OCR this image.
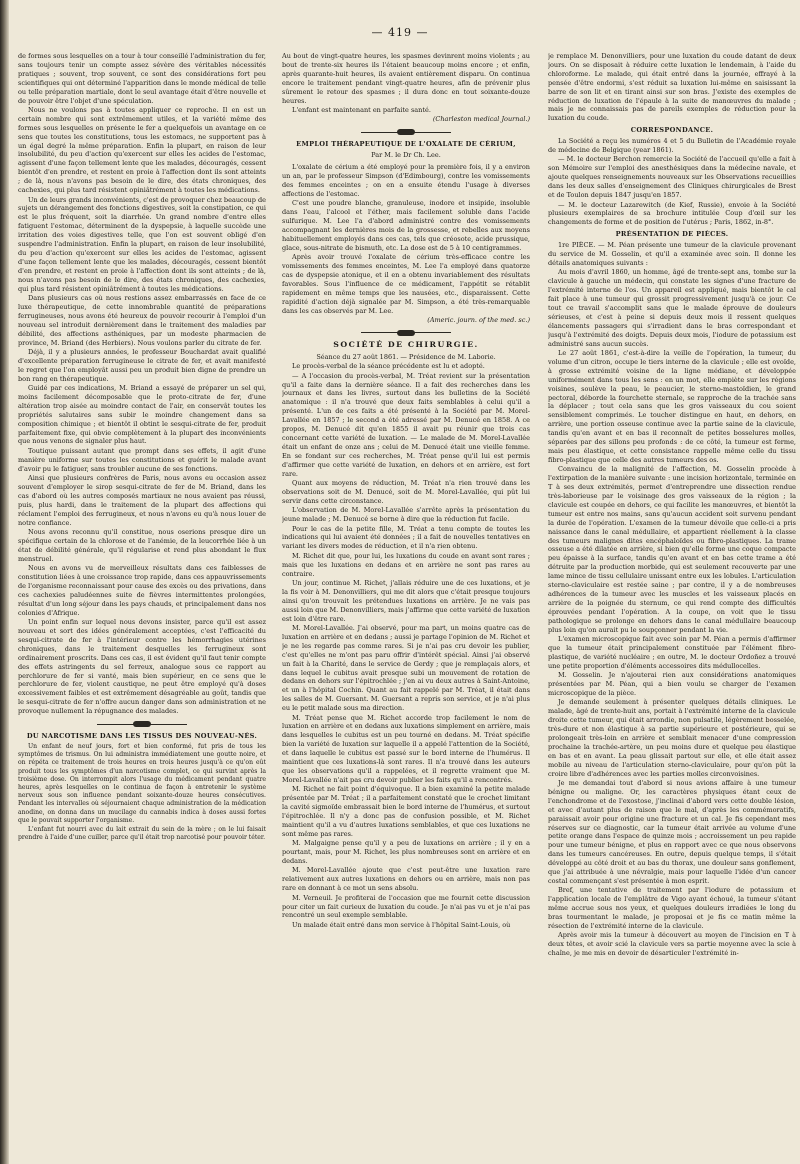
— 419 —

de formes sous lesquelles on a tour à tour conseillé l'administration du fer, sans toujours tenir un compte assez sévère des véritables nécessités pratiques ; souvent, trop souvent, ce sont des considérations fort peu scientifiques qui ont déterminé l'apparition dans le monde médical de telle ou telle préparation martiale, dont le seul avantage était d'être nouvelle et de pouvoir être l'objet d'une spéculation.

Nous ne voulons pas à toutes appliquer ce reproche. Il en est un certain nombre qui sont extrêmement utiles, et la variété même des formes sous lesquelles on présente le fer a quelquefois un avantage en ce sens que toutes les constitutions, tous les estomacs, ne supportent pas à un égal degré la même préparation. Enfin la plupart, en raison de leur insolubilité, du peu d'action qu'exercent sur elles les acides de l'estomac, agissent d'une façon tellement lente que les malades, découragés, cessent bientôt d'en prendre, et restent en proie à l'affection dont ils sont atteints ; de là, nous n'avons pas besoin de le dire, des états chroniques, des cachexies, qui plus tard résistent opiniâtrément à toutes les médications.

Un de leurs grands inconvénients, c'est de provoquer chez beaucoup de sujets un dérangement des fonctions digestives, soit la constipation, ce qui est le plus fréquent, soit la diarrhée. Un grand nombre d'entre elles fatiguent l'estomac, déterminent de la dyspepsie, à laquelle succède une irritation des voies digestives telle, que l'on est souvent obligé d'en suspendre l'administration. Enfin la plupart, en raison de leur insolubilité, du peu d'action qu'exercent sur elles les acides de l'estomac, agissent d'une façon tellement lente que les malades, découragés, cessent bientôt d'en prendre, et restent en proie à l'affection dont ils sont atteints ; de là, nous n'avons pas besoin de le dire, des états chroniques, des cachexies, qui plus tard résistent opiniâtrément à toutes les médications.

Dans plusieurs cas où nous restions assez embarrassés en face de ce luxe thérapeutique, de cette innombrable quantité de préparations ferrugineuses, nous avons été heureux de pouvoir recourir à l'emploi d'un nouveau sel introduit dernièrement dans le traitement des maladies par débilité, des affections asthéniques, par un modeste pharmacien de province, M. Briand (des Herbiers). Nous voulons parler du citrate de fer.

Déjà, il y a plusieurs années, le professeur Bouchardat avait qualifié d'excellente préparation ferrugineuse le citrate de fer, et avait manifesté le regret que l'on employât aussi peu un produit bien digne de prendre un bon rang en thérapeutique.

Guidé par ces indications, M. Briand a essayé de préparer un sel qui, moins facilement décomposable que le proto-citrate de fer, d'une altération trop aisée au moindre contact de l'air, en conservât toutes les propriétés salutaires sans subir le moindre changement dans sa composition chimique ; et bientôt il obtint le sesqui-citrate de fer, produit parfaitement fixe, qui obvie complètement à la plupart des inconvénients que nous venons de signaler plus haut.

Toutique puissant autant que prompt dans ses effets, il agit d'une manière uniforme sur toutes les constitutions et guérit le malade avant d'avoir pu le fatiguer, sans troubler aucune de ses fonctions.

Ainsi que plusieurs confrères de Paris, nous avons eu occasion assez souvent d'employer le sirop sesqui-citrate de fer de M. Briand, dans les cas d'abord où les autres composés martiaux ne nous avaient pas réussi, puis, plus hardi, dans le traitement de la plupart des affections qui réclament l'emploi des ferrugineux, et nous n'avons eu qu'à nous louer de notre confiance.

Nous avons reconnu qu'il constitue, nous oserions presque dire un spécifique certain de la chlorose et de l'anémie, de la leucorrhée liée à un état de débilité générale, qu'il régularise et rend plus abondant le flux menstruel.

Nous en avons vu de merveilleux résultats dans ces faiblesses de constitution liées à une croissance trop rapide, dans ces appauvrissements de l'organisme reconnaissant pour cause des excès ou des privations, dans ces cachexies paludéennes suite de fièvres intermittentes prolongées, résultat d'un long séjour dans les pays chauds, et principalement dans nos colonies d'Afrique.

Un point enfin sur lequel nous devons insister, parce qu'il est assez nouveau et sort des idées généralement acceptées, c'est l'efficacité du sesqui-citrate de fer à l'intérieur contre les hémorrhagies utérines chroniques, dans le traitement desquelles les ferrugineux sont ordinairement proscrits. Dans ces cas, il est évident qu'il faut tenir compte des effets astringents du sel ferreux, analogue sous ce rapport au perchlorure de fer si vanté, mais bien supérieur, en ce sens que le perchlorure de fer, violent caustique, ne peut être employé qu'à doses excessivement faibles et est extrêmement désagréable au goût, tandis que le sesqui-citrate de fer n'offre aucun danger dans son administration et ne provoque nullement la répugnance des malades.

DU NARCOTISME DANS LES TISSUS DES NOUVEAU-NÉS.

Un enfant de neuf jours, fort et bien conformé, fut pris de tous les symptômes de trismus. On lui administra immédiatement une goutte noire, et on répéta ce traitement de trois heures en trois heures jusqu'à ce qu'on eût produit tous les symptômes d'un narcotisme complet, ce qui survint après la troisième dose. On interrompit alors l'usage du médicament pendant quatre heures, après lesquelles on le continua de façon à entretenir le système nerveux sous son influence pendant soixante-douze heures consécutives. Pendant les intervalles où séjournaient chaque administration de la médication anodine, on donna dans un mucilage du cannabis indica à doses aussi fortes que le pouvait supporter l'organisme.

L'enfant fut nourri avec du lait extrait du sein de la mère ; on le lui faisait prendre à l'aide d'une cuiller, parce qu'il était trop narcotisé pour pouvoir téter.

Au bout de vingt-quatre heures, les spasmes devinrent moins violents ; au bout de trente-six heures ils l'étaient beaucoup moins encore ; et enfin, après quarante-huit heures, ils avaient entièrement disparu. On continua encore le traitement pendant vingt-quatre heures, afin de prévenir plus sûrement le retour des spasmes ; il dura donc en tout soixante-douze heures.

L'enfant est maintenant en parfaite santé.

(Charleston medical Journal.)

EMPLOI THÉRAPEUTIQUE DE L'OXALATE DE CÉRIUM,
Par M. le Dr Ch. Lee.

L'oxalate de cérium a été employé pour la première fois, il y a environ un an, par le professeur Simpson (d'Edimbourg), contre les vomissements des femmes enceintes ; on en a ensuite étendu l'usage à diverses affections de l'estomac.

C'est une poudre blanche, granuleuse, inodore et insipide, insoluble dans l'eau, l'alcool et l'éther, mais facilement soluble dans l'acide sulfurique. M. Lee l'a d'abord administré contre des vomissements accompagnant les dernières mois de la grossesse, et rebelles aux moyens habituellement employés dans ces cas, tels que créosote, acide prussique, glace, sous-nitrate de bismuth, etc. La dose est de 5 à 10 centigrammes.

Après avoir trouvé l'oxalate de cérium très-efficace contre les vomissements des femmes enceintes, M. Lee l'a employé dans quatorze cas de dyspepsie atonique, et il en a obtenu invariablement des résultats favorables. Sous l'influence de ce médicament, l'appétit se rétablit rapidement en même temps que les nausées, etc., disparaissent. Cette rapidité d'action déjà signalée par M. Simpson, a été très-remarquable dans les cas observés par M. Lee.

(Americ. journ. of the med. sc.)

SOCIÉTÉ DE CHIRURGIE.

Séance du 27 août 1861. — Présidence de M. Laborie.

Le procès-verbal de la séance précédente est lu et adopté.

— A l'occasion du procès-verbal, M. Tréat revient sur la présentation qu'il a faite dans la dernière séance. Il a fait des recherches dans les journaux et dans les livres, surtout dans les bulletins de la Société anatomique : il n'a trouvé que deux faits semblables à celui qu'il a présenté. L'un de ces faits a été présenté à la Société par M. Morel-Lavallée en 1857 ; le second a été adressé par M. Denucé en 1858. A ce propos, M. Denucé dit qu'en 1855 il avait pu réunir que trois cas concernant cette variété de luxation. — Le malade de M. Morel-Lavallée était un enfant de onze ans ; celui de M. Denucé était une vieille femme. En se fondant sur ces recherches, M. Tréat pense qu'il lui est permis d'affirmer que cette variété de luxation, en dehors et en arrière, est fort rare.

Quant aux moyens de réduction, M. Tréat n'a rien trouvé dans les observations soit de M. Denucé, soit de M. Morel-Lavallée, qui pût lui servir dans cette circonstance.

L'observation de M. Morel-Lavallée s'arrête après la présentation du jeune malade ; M. Denucé se borne à dire que la réduction fut facile.

Pour le cas de la petite fille, M. Tréat a tenu compte de toutes les indications qui lui avaient été données ; il a fait de nouvelles tentatives en variant les divers modes de réduction, et il n'a rien obtenu.

M. Richet dit que, pour lui, les luxations du coude en avant sont rares ; mais que les luxations en dedans et en arrière ne sont pas rares au contraire.

Un jour, continue M. Richet, j'allais réduire une de ces luxations, et je la fis voir à M. Denonvilliers, qui me dit alors que c'était presque toujours ainsi qu'on trouvait les prétendues luxations en arrière. Je ne vais pas aussi loin que M. Denonvilliers, mais j'affirme que cette variété de luxation est loin d'être rare.

M. Morel-Lavallée. J'ai observé, pour ma part, un moins quatre cas de luxation en arrière et en dedans ; aussi je partage l'opinion de M. Richet et je ne les regarde pas comme rares. Si je n'ai pas cru devoir les publier, c'est qu'elles ne m'ont pas paru offrir d'intérêt spécial. Ainsi j'ai observé un fait à la Charité, dans le service de Gerdy ; que je remplaçais alors, et dans lequel le cubitus avait presque subi un mouvement de rotation de dedans en dehors sur l'épitrochlée ; j'en ai vu deux autres à Saint-Antoine, et un à l'hôpital Cochin. Quant au fait rappelé par M. Tréat, il était dans les salles de M. Guersant. M. Guersant a repris son service, et je n'ai plus eu le petit malade sous ma direction.

M. Tréat pense que M. Richet accorde trop facilement le nom de luxation en arrière et en dedans aux luxations simplement en arrière, mais dans lesquelles le cubitus est un peu tourné en dedans. M. Tréat spécifie bien la variété de luxation sur laquelle il a appelé l'attention de la Société, et dans laquelle le cubitus est passé sur le bord interne de l'humérus. Il maintient que ces luxations-là sont rares. Il n'a trouvé dans les auteurs que les observations qu'il a rappelées, et il regrette vraiment que M. Morel-Lavallée n'ait pas cru devoir publier les faits qu'il a rencontrés.

M. Richet ne fait point d'équivoque. Il a bien examiné la petite malade présentée par M. Tréat ; il a parfaitement constaté que le crochet limitant la cavité sigmoïde embrassait bien le bord interne de l'humérus, et surtout l'épitrochlée. Il n'y a donc pas de confusion possible, et M. Richet maintient qu'il a vu d'autres luxations semblables, et que ces luxations ne sont même pas rares.

M. Malgaigne pense qu'il y a peu de luxations en arrière ; il y en a pourtant, mais, pour M. Richet, les plus nombreuses sont en arrière et en dedans.

M. Morel-Lavallée ajoute que c'est peut-être une luxation rare relativement aux autres luxations en dehors ou en arrière, mais non pas rare en donnant à ce mot un sens absolu.

M. Verneuil. Je profiterai de l'occasion que me fournit cette discussion pour citer un fait curieux de luxation du coude. Je n'ai pas vu et je n'ai pas rencontré un seul exemple semblable.

Un malade était entré dans mon service à l'hôpital Saint-Louis, où

je remplace M. Denonvilliers, pour une luxation du coude datant de deux jours. On se disposait à réduire cette luxation le lendemain, à l'aide du chloroforme. Le malade, qui était entré dans la journée, effrayé à la pensée d'être endormi, s'est réduit sa luxation lui-même en saisissant la barre de son lit et en tirant ainsi sur son bras. J'existe des exemples de réduction de luxation de l'épaule à la suite de manœuvres du malade ; mais je ne connaissais pas de pareils exemples de réduction pour la luxation du coude.

CORRESPONDANCE.

La Société a reçu les numéros 4 et 5 du Bulletin de l'Académie royale de médecine de Belgique (year 1861).

— M. le docteur Berchon remercie la Société de l'accueil qu'elle a fait à son Mémoire sur l'emploi des anesthésiques dans la médecine navale, et ajoute quelques renseignements nouveaux sur les Observations recueillies dans les deux salles d'enseignement des Cliniques chirurgicales de Brest et de Toulon depuis 1847 jusqu'en 1857.

— M. le docteur Lazarewitch (de Kief, Russie), envoie à la Société plusieurs exemplaires de sa brochure intitulée Coup d'œil sur les changements de forme et de position de l'utérus ; Paris, 1862, in-8°.

PRÉSENTATION DE PIÈCES.

1re PIÈCE. — M. Péan présente une tumeur de la clavicule provenant du service de M. Gosselin, et qu'il a examinée avec soin. Il donne les détails anatomiques suivants :

Au mois d'avril 1860, un homme, âgé de trente-sept ans, tombe sur la clavicule à gauche un médecin, qui constate les signes d'une fracture de l'extrémité interne de l'os. Un appareil est appliqué, mais bientôt le cal fait place à une tumeur qui grossit progressivement jusqu'à ce jour. Ce tout ce travail s'accomplit sans que le malade éprouve de douleurs sérieuses, et c'est à peine si depuis deux mois il ressent quelques élancements passagers qui s'irradient dans le bras correspondant et jusqu'à l'extrémité des doigts. Depuis deux mois, l'iodure de potassium est administré sans aucun succès.

Le 27 août 1861, c'est-à-dire la veille de l'opération, la tumeur, du volume d'un citron, occupe le tiers interne de la clavicule ; elle est ovoïde, à grosse extrémité voisine de la ligne médiane, et développée uniformément dans tous les sens : en un mot, elle empiète sur les régions voisines, soulève la peau, le peaucier, le sterno-mastoïdien, le grand pectoral, déborde la fourchette sternale, se rapproche de la trachée sans la déplacer ; tout cela sans que les gros vaisseaux du cou soient sensiblement comprimés. Le toucher distingue en haut, en dehors, en arrière, une portion osseuse continue avec la partie saine de la clavicule, tandis qu'en avant et en bas il reconnaît de petites bosselures molles, séparées par des sillons peu profonds : de ce côté, la tumeur est ferme, mais peu élastique, et cette consistance rappelle même celle du tissu fibro-plastique que celle des autres tumeurs des os.

Convaincu de la malignité de l'affection, M. Gosselin procède à l'extirpation de la manière suivante : une incision horizontale, terminée en T à ses deux extrémités, permet d'entreprendre une dissection rendue très-laborieuse par le voisinage des gros vaisseaux de la région ; la clavicule est coupée en dehors, ce qui facilite les manœuvres, et bientôt la tumeur est entre nos mains, sans qu'aucun accident soit survenu pendant la durée de l'opération. L'examen de la tumeur dévoile que celle-ci a pris naissance dans le canal médullaire, et appartient réellement à la classe des tumeurs malignes dites encéphaloïdes ou fibro-plastiques. La trame osseuse a été dilatée en arrière, si bien qu'elle forme une coque compacte peu épaisse à la surface, tandis qu'en avant et en bas cette trame a été détruite par la production morbide, qui est seulement recouverte par une lame mince de tissu cellulaire unissant entre eux les lobules. L'articulation sterno-claviculaire est restée saine ; par contre, il y a de nombreuses adhérences de la tumeur avec les muscles et les vaisseaux placés en arrière de la poignée du sternum, ce qui rend compte des difficultés éprouvées pendant l'opération. A la coupe, on voit que le tissu pathologique se prolonge en dehors dans le canal médullaire beaucoup plus loin qu'on aurait pu le soupçonner pendant la vie.

L'examen microscopique fait avec soin par M. Péan a permis d'affirmer que la tumeur était principalement constituée par l'élément fibro-plastique, de variété nucléaire ; en outre, M. le docteur Ordoñez a trouvé une petite proportion d'éléments accessoires dits médullocelles.

M. Gosselin. Je n'ajouterai rien aux considérations anatomiques présentées par M. Péan, qui a bien voulu se charger de l'examen microscopique de la pièce.

Je demande seulement à présenter quelques détails cliniques. Le malade, âgé de trente-huit ans, portait à l'extrémité interne de la clavicule droite cette tumeur, qui était arrondie, non pulsatile, légèrement bosselée, très-dure et non élastique à sa partie supérieure et postérieure, qui se prolongeait très-loin en arrière et semblait menacer d'une compression prochaine la trachée-artère, un peu moins dure et quelque peu élastique en bas et en avant. La peau glissait partout sur elle, et elle était assez mobile au niveau de l'articulation sterno-claviculaire, pour qu'on pût la croire libre d'adhérences avec les parties molles circonvoisines.

Je me demandai tout d'abord si nous avions affaire à une tumeur bénigne ou maligne. Or, les caractères physiques étant ceux de l'enchondrome et de l'exostose, j'inclinai d'abord vers cette double lésion, et avec d'autant plus de raison que le mal, d'après les commémoratifs, paraissait avoir pour origine une fracture et un cal. Je fis cependant mes réserves sur ce diagnostic, car la tumeur était arrivée au volume d'une petite orange dans l'espace de quinze mois ; accroissement un peu rapide pour une tumeur bénigne, et plus en rapport avec ce que nous observons dans les tumeurs cancéreuses. En outre, depuis quelque temps, il s'était développé au côté droit et au bas du thorax, une douleur sans gonflement, que j'ai attribuée à une névralgie, mais pour laquelle l'idée d'un cancer costal commençant s'est présentée à mon esprit.

Bref, une tentative de traitement par l'iodure de potassium et l'application locale de l'emplâtre de Vigo ayant échoué, la tumeur s'étant même accrue sous nos yeux, et quelques douleurs irradiées le long du bras tourmentant le malade, je proposai et je fis ce matin même la résection de l'extrémité interne de la clavicule.

Après avoir mis la tumeur à découvert au moyen de l'incision en T à deux têtes, et avoir scié la clavicule vers sa partie moyenne avec la scie à chaîne, je me mis en devoir de désarticuler l'extrémité in-
